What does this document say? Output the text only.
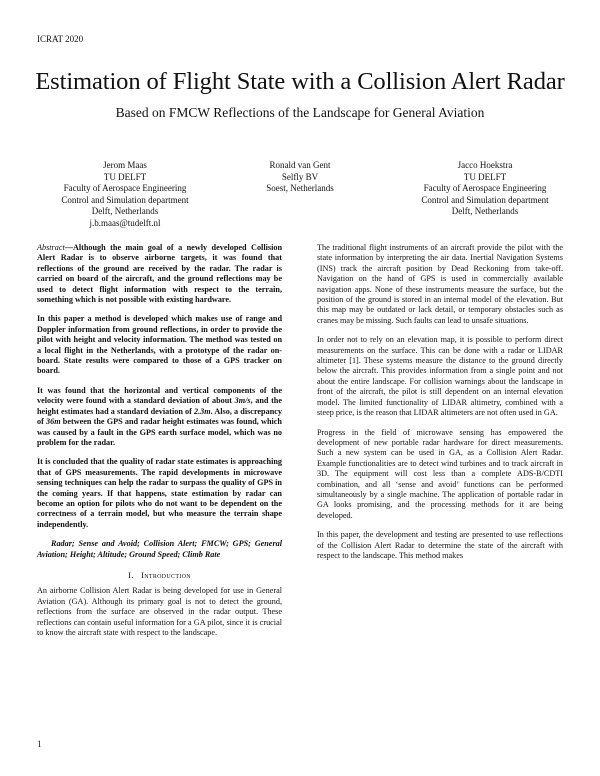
ICRAT 2020
Estimation of Flight State with a Collision Alert Radar
Based on FMCW Reflections of the Landscape for General Aviation
Jerom Maas
TU DELFT
Faculty of Aerospace Engineering
Control and Simulation department
Delft, Netherlands
j.b.maas@tudelft.nl
Ronald van Gent
Selfly BV
Soest, Netherlands
Jacco Hoekstra
TU DELFT
Faculty of Aerospace Engineering
Control and Simulation department
Delft, Netherlands

Abstract—Although the main goal of a newly developed Collision Alert Radar is to observe airborne targets, it was found that reflections of the ground are received by the radar. The radar is carried on board of the aircraft, and the ground reflections may be used to detect flight information with respect to the terrain, something which is not possible with existing hardware.

In this paper a method is developed which makes use of range and Doppler information from ground reflections, in order to provide the pilot with height and velocity information. The method was tested on a local flight in the Netherlands, with a prototype of the radar on-board. State results were compared to those of a GPS tracker on board.

It was found that the horizontal and vertical components of the velocity were found with a standard deviation of about 3m/s, and the height estimates had a standard deviation of 2.3m. Also, a discrepancy of 36m between the GPS and radar height estimates was found, which was caused by a fault in the GPS earth surface model, which was no problem for the radar.

It is concluded that the quality of radar state estimates is approaching that of GPS measurements. The rapid developments in microwave sensing techniques can help the radar to surpass the quality of GPS in the coming years. If that happens, state estimation by radar can become an option for pilots who do not want to be dependent on the correctness of a terrain model, but who measure the terrain shape independently.

Radar; Sense and Avoid; Collision Alert; FMCW; GPS; General Aviation; Height; Altitude; Ground Speed; Climb Rate

I. Introduction

An airborne Collision Alert Radar is being developed for use in General Aviation (GA). Although its primary goal is not to detect the ground, reflections from the surface are observed in the radar output. These reflections can contain useful information for a GA pilot, since it is crucial to know the aircraft state with respect to the landscape.

The traditional flight instruments of an aircraft provide the pilot with the state information by interpreting the air data. Inertial Navigation Systems (INS) track the aircraft position by Dead Reckoning from take-off. Navigation on the hand of GPS is used in commercially available navigation apps. None of these instruments measure the surface, but the position of the ground is stored in an internal model of the elevation. But this map may be outdated or lack detail, or temporary obstacles such as cranes may be missing. Such faults can lead to unsafe situations.

In order not to rely on an elevation map, it is possible to perform direct measurements on the surface. This can be done with a radar or LIDAR altimeter [1]. These systems measure the distance to the ground directly below the aircraft. This provides information from a single point and not about the entire landscape. For collision warnings about the landscape in front of the aircraft, the pilot is still dependent on an internal elevation model. The limited functionality of LIDAR altimetry, combined with a steep price, is the reason that LIDAR altimeters are not often used in GA.

Progress in the field of microwave sensing has empowered the development of new portable radar hardware for direct measurements. Such a new system can be used in GA, as a Collision Alert Radar. Example functionalities are to detect wind turbines and to track aircraft in 3D. The equipment will cost less than a complete ADS-B/CDTI combination, and all ‘sense and avoid’ functions can be performed simultaneously by a single machine. The application of portable radar in GA looks promising, and the processing methods for it are being developed.

In this paper, the development and testing are presented to use reflections of the Collision Alert Radar to determine the state of the aircraft with respect to the landscape. This method makes

1
